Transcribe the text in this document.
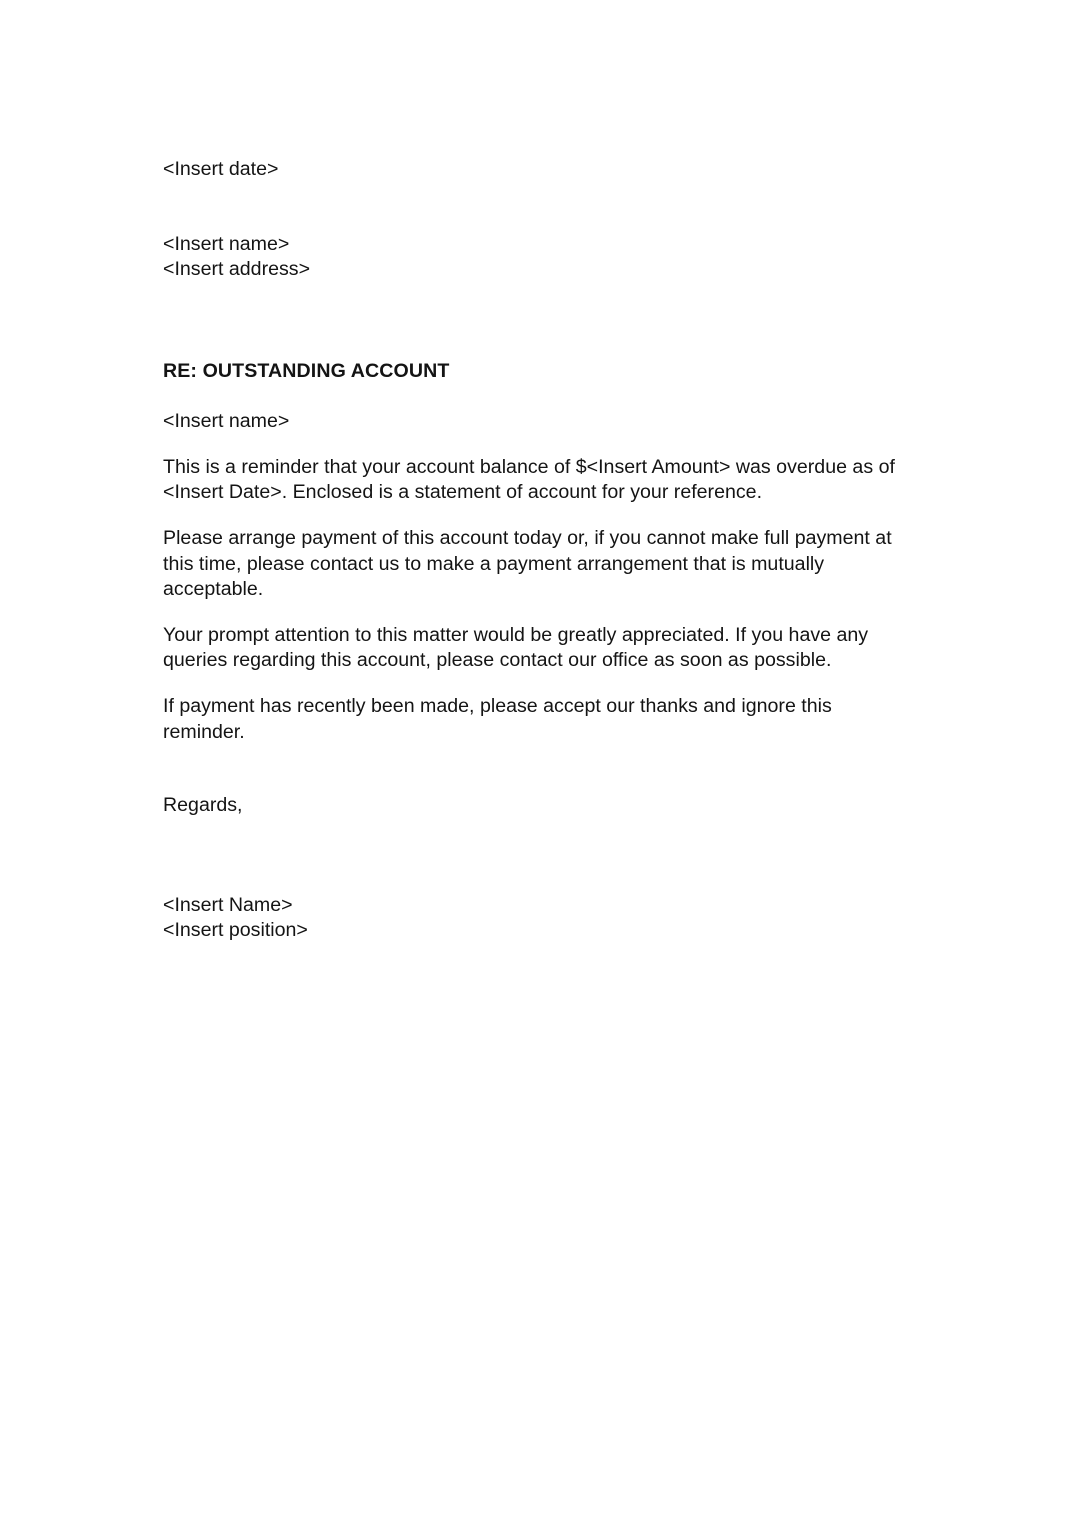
<Insert date>
<Insert name>
<Insert address>
RE: OUTSTANDING ACCOUNT
<Insert name>

This is a reminder that your account balance of $<Insert Amount> was overdue as of <Insert Date>. Enclosed is a statement of account for your reference.

Please arrange payment of this account today or, if you cannot make full payment at this time, please contact us to make a payment arrangement that is mutually acceptable.

Your prompt attention to this matter would be greatly appreciated. If you have any queries regarding this account, please contact our office as soon as possible.

If payment has recently been made, please accept our thanks and ignore this reminder.

Regards,
<Insert Name>
<Insert position>
